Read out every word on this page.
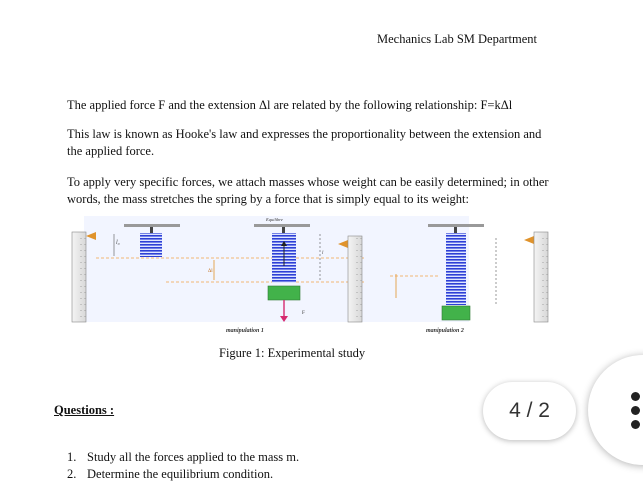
Mechanics Lab SM Department
The applied force F and the extension Δl are related by the following relationship: F=kΔl
This law is known as Hooke's law and expresses the proportionality between the extension and the applied force.
To apply very specific forces, we attach masses whose weight can be easily determined; in other words, the mass stretches the spring by a force that is simply equal to its weight:
l₀
Δl
Equilibre
F
l
manipulation 1	manipulation 2
Figure 1: Experimental study
Questions :
1. Study all the forces applied to the mass m.
2. Determine the equilibrium condition.
4 / 2
